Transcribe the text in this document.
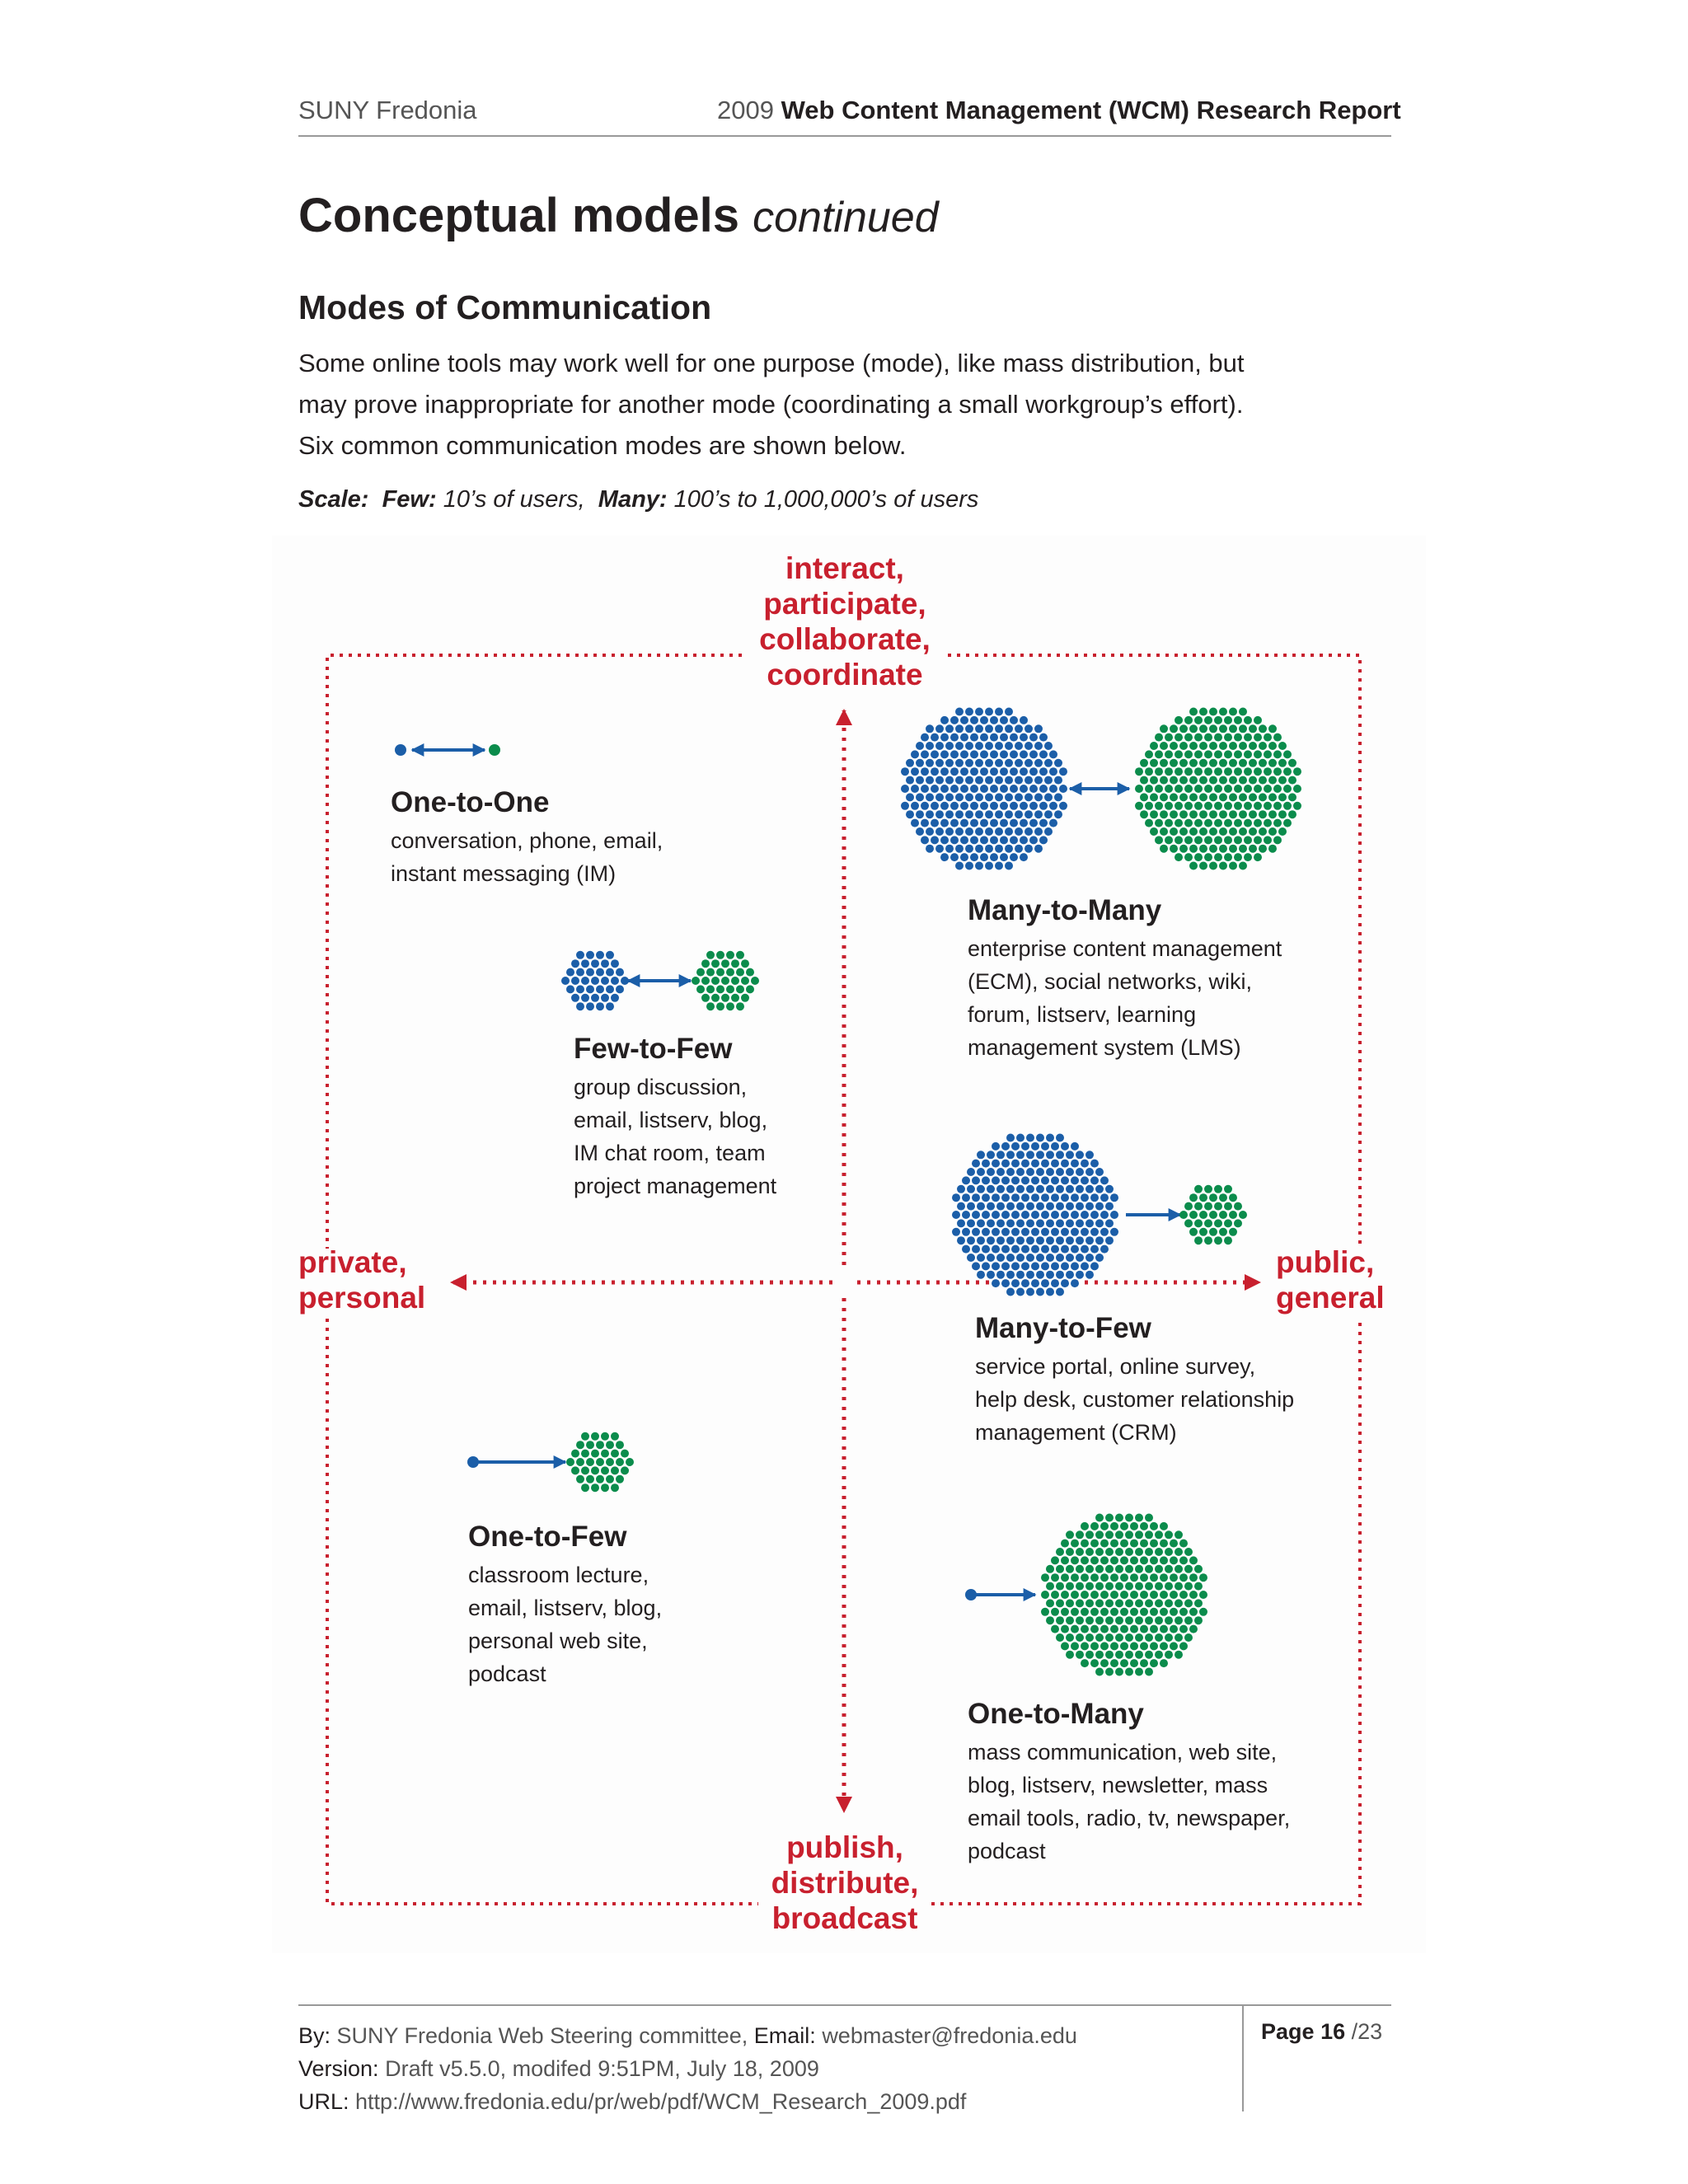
SUNY Fredonia	2009 Web Content Management (WCM) Research Report
Conceptual models continued
Modes of Communication

Some online tools may work well for one purpose (mode), like mass distribution, but

may prove inappropriate for another mode (coordinating a small workgroup’s effort).

Six common communication modes are shown below.

Scale: Few: 10’s of users, Many: 100’s to 1,000,000’s of users
interact,
participate,
collaborate,
coordinate
publish,
distribute,
broadcast
private,
personal
public,
general
One-to-One
conversation, phone, email,
instant messaging (IM)
Few-to-Few
group discussion,
email, listserv, blog,
IM chat room, team
project management
Many-to-Many
enterprise content management
(ECM), social networks, wiki,
forum, listserv, learning
management system (LMS)
Many-to-Few
service portal, online survey,
help desk, customer relationship
management (CRM)
One-to-Few
classroom lecture,
email, listserv, blog,
personal web site,
podcast
One-to-Many
mass communication, web site,
blog, listserv, newsletter, mass
email tools, radio, tv, newspaper,
podcast
By: SUNY Fredonia Web Steering committee, Email: webmaster@fredonia.edu
Version: Draft v5.5.0, modifed 9:51PM, July 18, 2009
URL: http://www.fredonia.edu/pr/web/pdf/WCM_Research_2009.pdf
Page 16 /23
